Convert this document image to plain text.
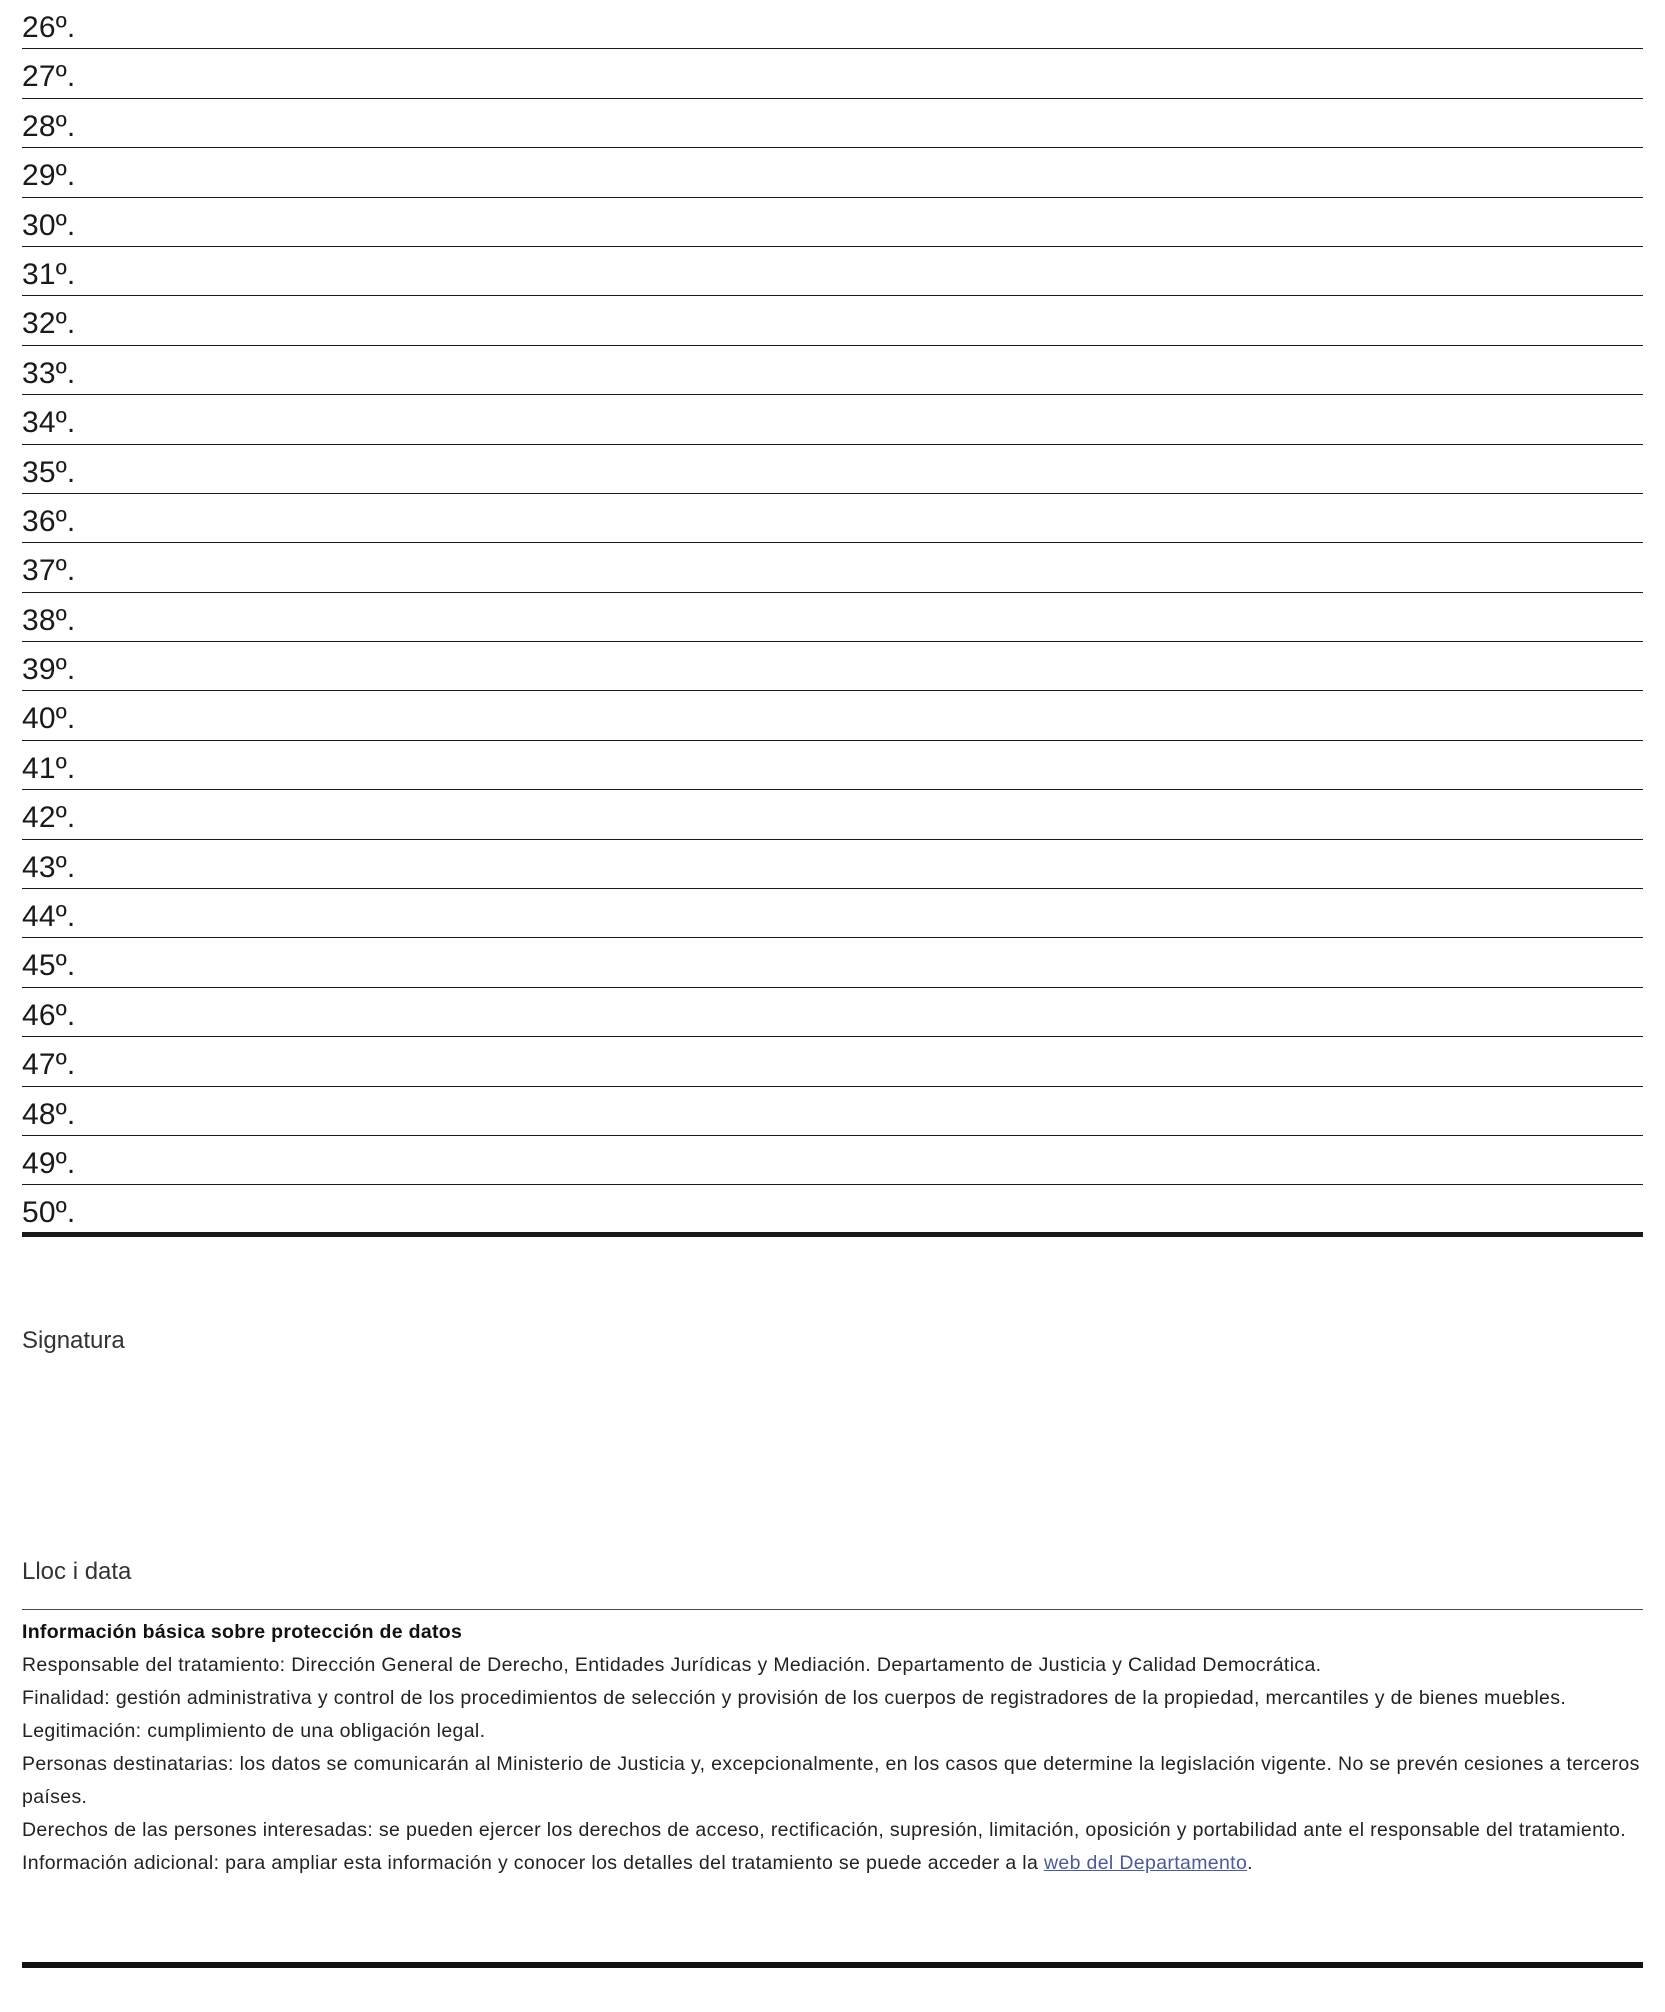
26º.
27º.
28º.
29º.
30º.
31º.
32º.
33º.
34º.
35º.
36º.
37º.
38º.
39º.
40º.
41º.
42º.
43º.
44º.
45º.
46º.
47º.
48º.
49º.
50º.
Signatura
Lloc i data

Información básica sobre protección de datos

Responsable del tratamiento: Dirección General de Derecho, Entidades Jurídicas y Mediación. Departamento de Justicia y Calidad Democrática.

Finalidad: gestión administrativa y control de los procedimientos de selección y provisión de los cuerpos de registradores de la propiedad, mercantiles y de bienes muebles.

Legitimación: cumplimiento de una obligación legal.

Personas destinatarias: los datos se comunicarán al Ministerio de Justicia y, excepcionalmente, en los casos que determine la legislación vigente. No se prevén cesiones a terceros países.

Derechos de las persones interesadas: se pueden ejercer los derechos de acceso, rectificación, supresión, limitación, oposición y portabilidad ante el responsable del tratamiento.

Información adicional: para ampliar esta información y conocer los detalles del tratamiento se puede acceder a la web del Departamento.
